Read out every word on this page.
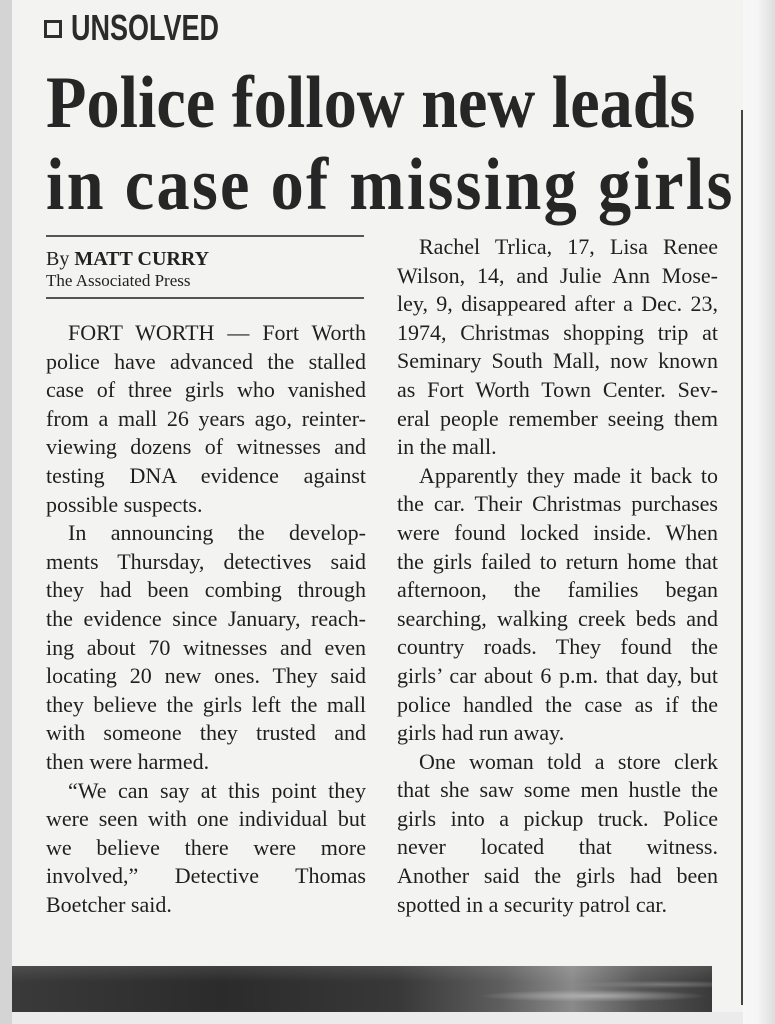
UNSOLVED
Police follow new leads
in case of missing girls
By MATT CURRY
The Associated Press
FORT WORTH — Fort Worth
police have advanced the stalled
case of three girls who vanished
from a mall 26 years ago, reinter-
viewing dozens of witnesses and
testing DNA evidence against
possible suspects.
In announcing the develop-
ments Thursday, detectives said
they had been combing through
the evidence since January, reach-
ing about 70 witnesses and even
locating 20 new ones. They said
they believe the girls left the mall
with someone they trusted and
then were harmed.
“We can say at this point they
were seen with one individual but
we believe there were more
involved,” Detective Thomas
Boetcher said.
Rachel Trlica, 17, Lisa Renee
Wilson, 14, and Julie Ann Mose-
ley, 9, disappeared after a Dec. 23,
1974, Christmas shopping trip at
Seminary South Mall, now known
as Fort Worth Town Center. Sev-
eral people remember seeing them
in the mall.
Apparently they made it back to
the car. Their Christmas purchases
were found locked inside. When
the girls failed to return home that
afternoon, the families began
searching, walking creek beds and
country roads. They found the
girls’ car about 6 p.m. that day, but
police handled the case as if the
girls had run away.
One woman told a store clerk
that she saw some men hustle the
girls into a pickup truck. Police
never located that witness.
Another said the girls had been
spotted in a security patrol car.
